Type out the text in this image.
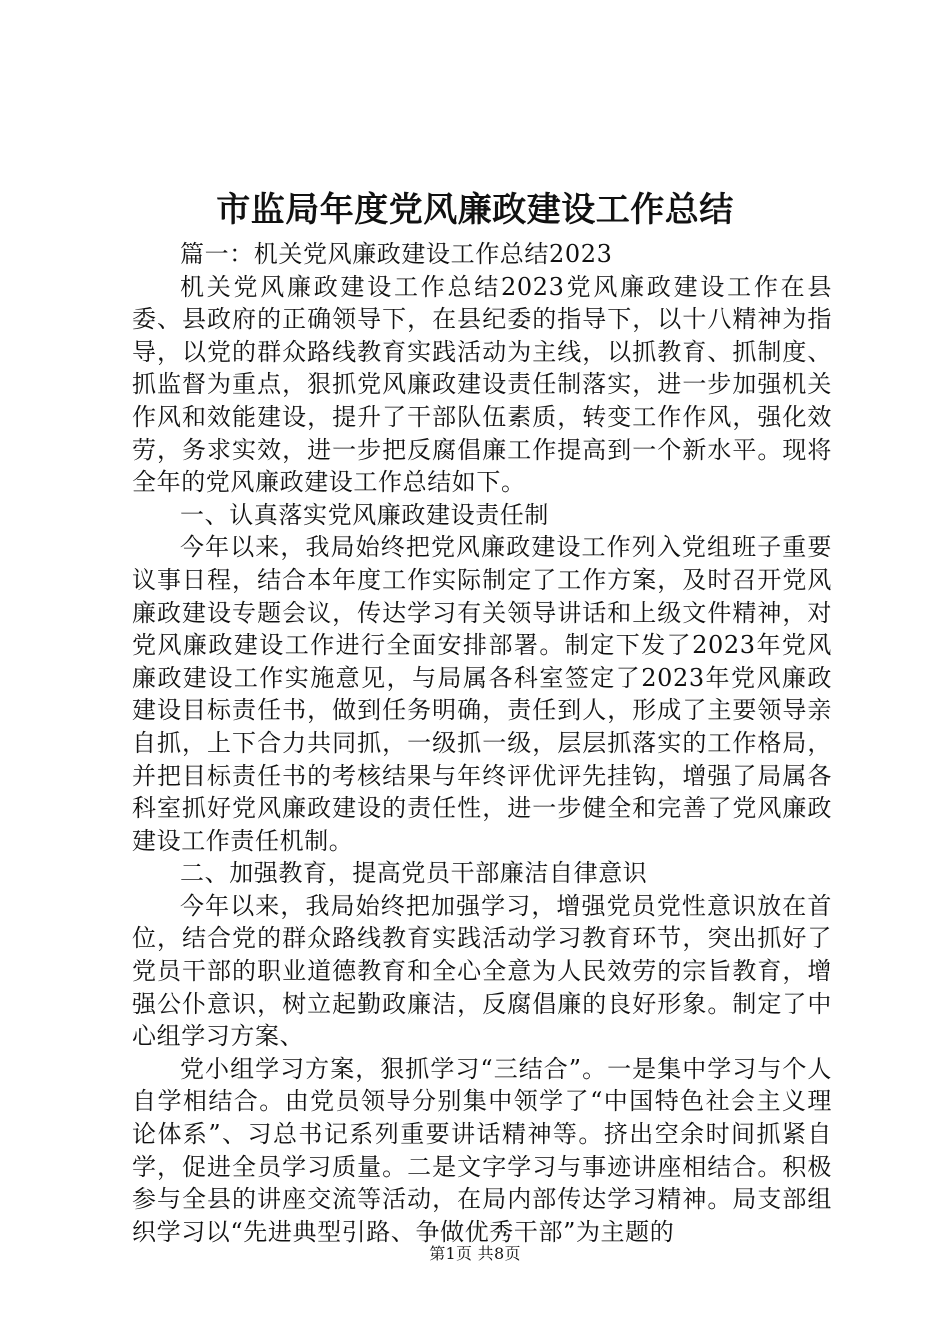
市监局年度党风廉政建设工作总结

篇一：机关党风廉政建设工作总结2023

机关党风廉政建设工作总结2023党风廉政建设工作在县委、县政府的正确领导下，在县纪委的指导下，以十八精神为指导，以党的群众路线教育实践活动为主线，以抓教育、抓制度、抓监督为重点，狠抓党风廉政建设责任制落实，进一步加强机关作风和效能建设，提升了干部队伍素质，转变工作作风，强化效劳，务求实效，进一步把反腐倡廉工作提高到一个新水平。现将全年的党风廉政建设工作总结如下。

一、认真落实党风廉政建设责任制

今年以来，我局始终把党风廉政建设工作列入党组班子重要议事日程，结合本年度工作实际制定了工作方案，及时召开党风廉政建设专题会议，传达学习有关领导讲话和上级文件精神，对党风廉政建设工作进行全面安排部署。制定下发了2023年党风廉政建设工作实施意见，与局属各科室签定了2023年党风廉政建设目标责任书，做到任务明确，责任到人，形成了主要领导亲自抓，上下合力共同抓，一级抓一级，层层抓落实的工作格局，并把目标责任书的考核结果与年终评优评先挂钩，增强了局属各科室抓好党风廉政建设的责任性，进一步健全和完善了党风廉政建设工作责任机制。

二、加强教育，提高党员干部廉洁自律意识

今年以来，我局始终把加强学习，增强党员党性意识放在首位，结合党的群众路线教育实践活动学习教育环节，突出抓好了党员干部的职业道德教育和全心全意为人民效劳的宗旨教育，增强公仆意识，树立起勤政廉洁，反腐倡廉的良好形象。制定了中心组学习方案、

党小组学习方案，狠抓学习“三结合”。一是集中学习与个人自学相结合。由党员领导分别集中领学了“中国特色社会主义理论体系”、习总书记系列重要讲话精神等。挤出空余时间抓紧自学，促进全员学习质量。二是文字学习与事迹讲座相结合。积极参与全县的讲座交流等活动，在局内部传达学习精神。局支部组织学习以“先进典型引路、争做优秀干部”为主题的

第1页 共8页
